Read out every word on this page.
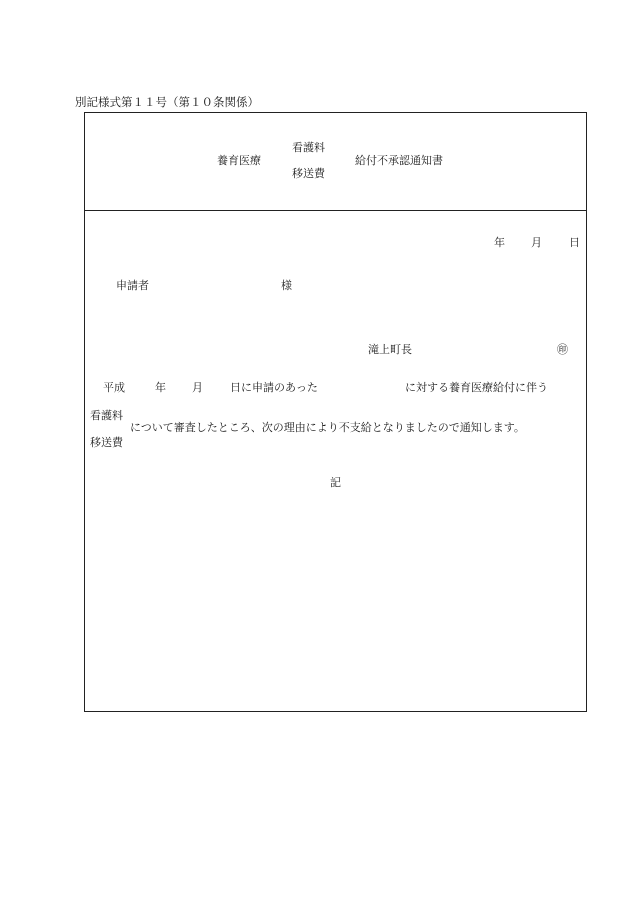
別記様式第１１号（第１０条関係）
養育医療
看護料
移送費
給付不承認通知書
年 月 日
申請者	様
滝上町長	㊞
平成	年 月 日に申請のあった	に対する養育医療給付に伴う
看護料
について審査したところ、次の理由により不支給となりましたので通知します。
移送費
記
